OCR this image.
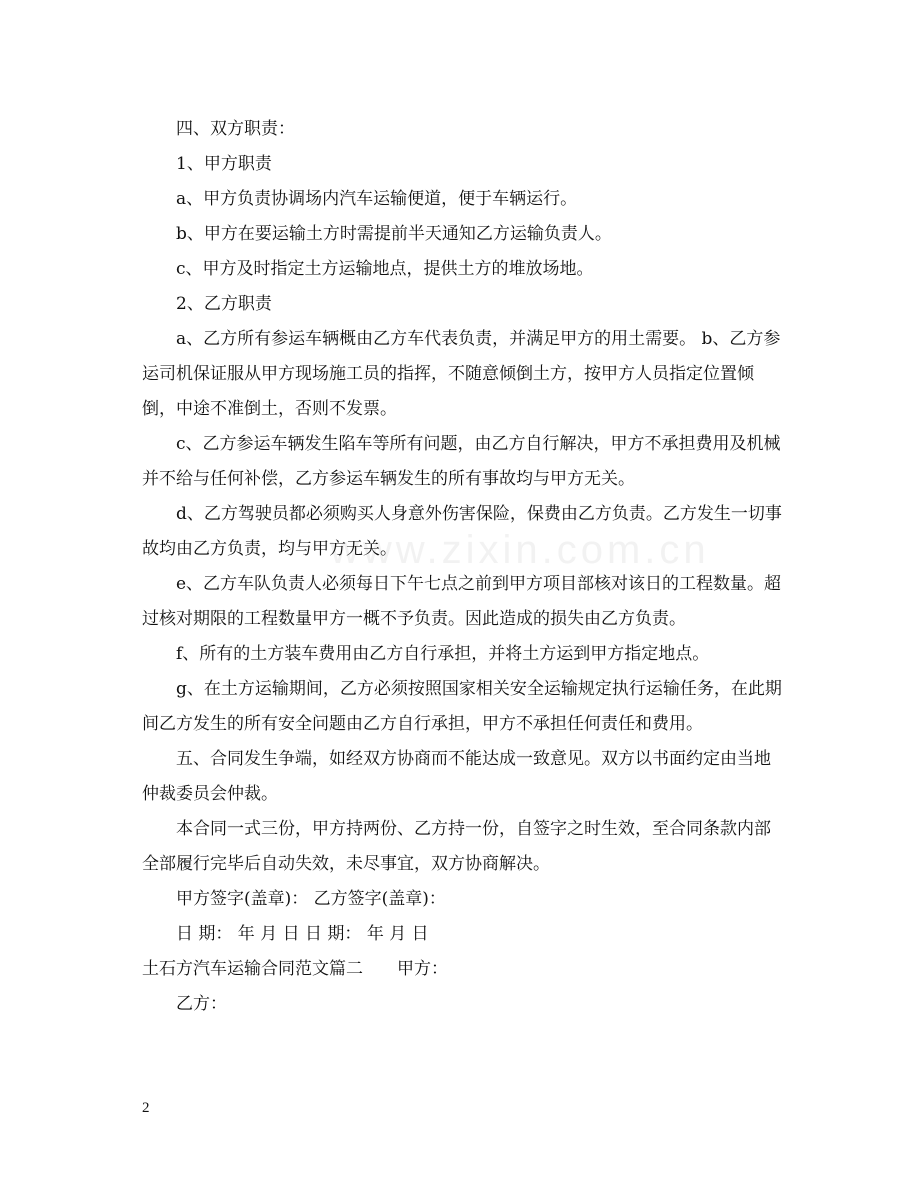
www.zixin.com.cn

四、双方职责：

1、甲方职责

a、甲方负责协调场内汽车运输便道，便于车辆运行。

b、甲方在要运输土方时需提前半天通知乙方运输负责人。

c、甲方及时指定土方运输地点，提供土方的堆放场地。

2、乙方职责

a、乙方所有参运车辆概由乙方车代表负责，并满足甲方的用土需要。 b、乙方参运司机保证服从甲方现场施工员的指挥，不随意倾倒土方，按甲方人员指定位置倾倒，中途不准倒土，否则不发票。

c、乙方参运车辆发生陷车等所有问题，由乙方自行解决，甲方不承担费用及机械并不给与任何补偿，乙方参运车辆发生的所有事故均与甲方无关。

d、乙方驾驶员都必须购买人身意外伤害保险，保费由乙方负责。乙方发生一切事故均由乙方负责，均与甲方无关。

e、乙方车队负责人必须每日下午七点之前到甲方项目部核对该日的工程数量。超过核对期限的工程数量甲方一概不予负责。因此造成的损失由乙方负责。

f、所有的土方装车费用由乙方自行承担，并将土方运到甲方指定地点。

g、在土方运输期间，乙方必须按照国家相关安全运输规定执行运输任务，在此期间乙方发生的所有安全问题由乙方自行承担，甲方不承担任何责任和费用。

五、合同发生争端，如经双方协商而不能达成一致意见。双方以书面约定由当地仲裁委员会仲裁。

本合同一式三份，甲方持两份、乙方持一份，自签字之时生效，至合同条款内部全部履行完毕后自动失效，未尽事宜，双方协商解决。

甲方签字(盖章)： 乙方签字(盖章)：

日 期： 年 月 日 日 期： 年 月 日

土石方汽车运输合同范文篇二　　甲方：

乙方：

2
